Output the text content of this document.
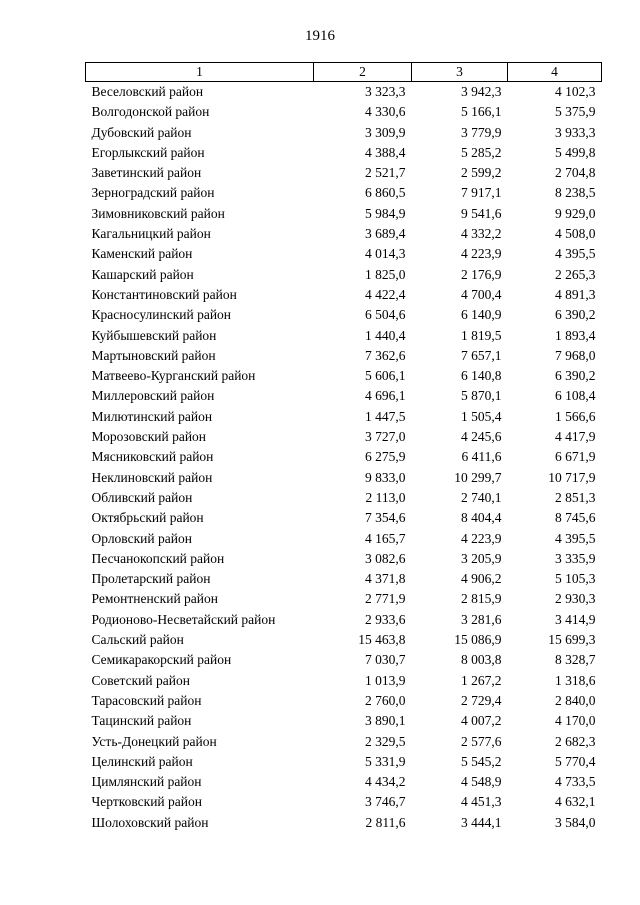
1916
1	2	3	4
Веселовский район	3 323,3	3 942,3	4 102,3
Волгодонской район	4 330,6	5 166,1	5 375,9
Дубовский район	3 309,9	3 779,9	3 933,3
Егорлыкский район	4 388,4	5 285,2	5 499,8
Заветинский район	2 521,7	2 599,2	2 704,8
Зерноградский район	6 860,5	7 917,1	8 238,5
Зимовниковский район	5 984,9	9 541,6	9 929,0
Кагальницкий район	3 689,4	4 332,2	4 508,0
Каменский район	4 014,3	4 223,9	4 395,5
Кашарский район	1 825,0	2 176,9	2 265,3
Константиновский район	4 422,4	4 700,4	4 891,3
Красносулинский район	6 504,6	6 140,9	6 390,2
Куйбышевский район	1 440,4	1 819,5	1 893,4
Мартыновский район	7 362,6	7 657,1	7 968,0
Матвеево-Курганский район	5 606,1	6 140,8	6 390,2
Миллеровский район	4 696,1	5 870,1	6 108,4
Милютинский район	1 447,5	1 505,4	1 566,6
Морозовский район	3 727,0	4 245,6	4 417,9
Мясниковский район	6 275,9	6 411,6	6 671,9
Неклиновский район	9 833,0	10 299,7	10 717,9
Обливский район	2 113,0	2 740,1	2 851,3
Октябрьский район	7 354,6	8 404,4	8 745,6
Орловский район	4 165,7	4 223,9	4 395,5
Песчанокопский район	3 082,6	3 205,9	3 335,9
Пролетарский район	4 371,8	4 906,2	5 105,3
Ремонтненский район	2 771,9	2 815,9	2 930,3
Родионово-Несветайский район	2 933,6	3 281,6	3 414,9
Сальский район	15 463,8	15 086,9	15 699,3
Семикаракорский район	7 030,7	8 003,8	8 328,7
Советский район	1 013,9	1 267,2	1 318,6
Тарасовский район	2 760,0	2 729,4	2 840,0
Тацинский район	3 890,1	4 007,2	4 170,0
Усть-Донецкий район	2 329,5	2 577,6	2 682,3
Целинский район	5 331,9	5 545,2	5 770,4
Цимлянский район	4 434,2	4 548,9	4 733,5
Чертковский район	3 746,7	4 451,3	4 632,1
Шолоховский район	2 811,6	3 444,1	3 584,0
